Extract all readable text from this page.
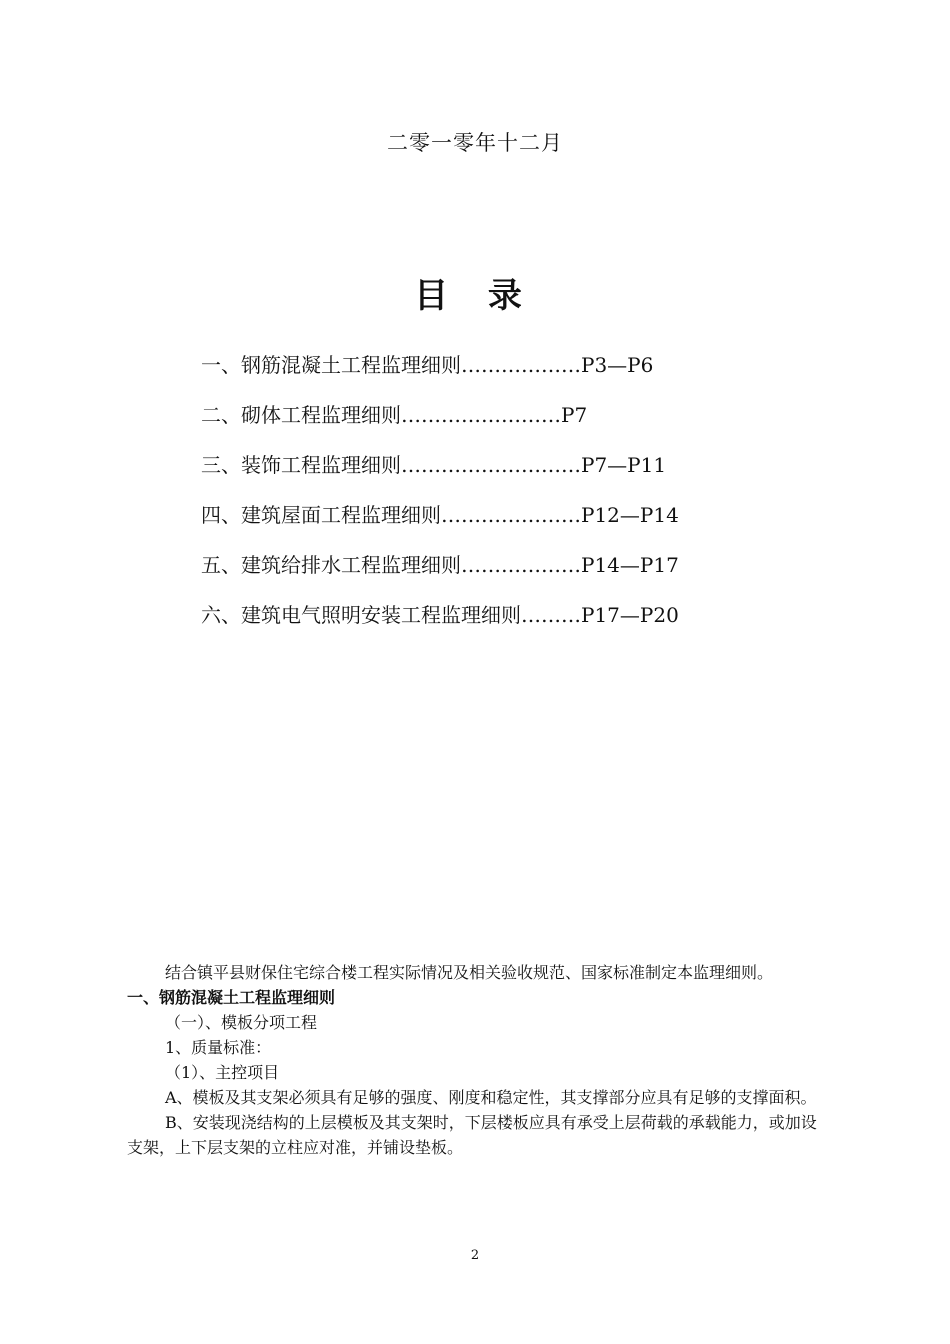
二零一零年十二月
目 录
一、钢筋混凝土工程监理细则………………P3—P6
二、砌体工程监理细则……………………P7
三、装饰工程监理细则………………………P7—P11
四、建筑屋面工程监理细则…………………P12—P14
五、建筑给排水工程监理细则………………P14—P17
六、建筑电气照明安装工程监理细则………P17—P20

结合镇平县财保住宅综合楼工程实际情况及相关验收规范、国家标准制定本监理细则。

一、钢筋混凝土工程监理细则

（一）、模板分项工程

1、质量标准：

（1）、主控项目

A、模板及其支架必须具有足够的强度、刚度和稳定性，其支撑部分应具有足够的支撑面积。

B、安装现浇结构的上层模板及其支架时，下层楼板应具有承受上层荷载的承载能力，或加设支架，上下层支架的立柱应对准，并铺设垫板。

2
